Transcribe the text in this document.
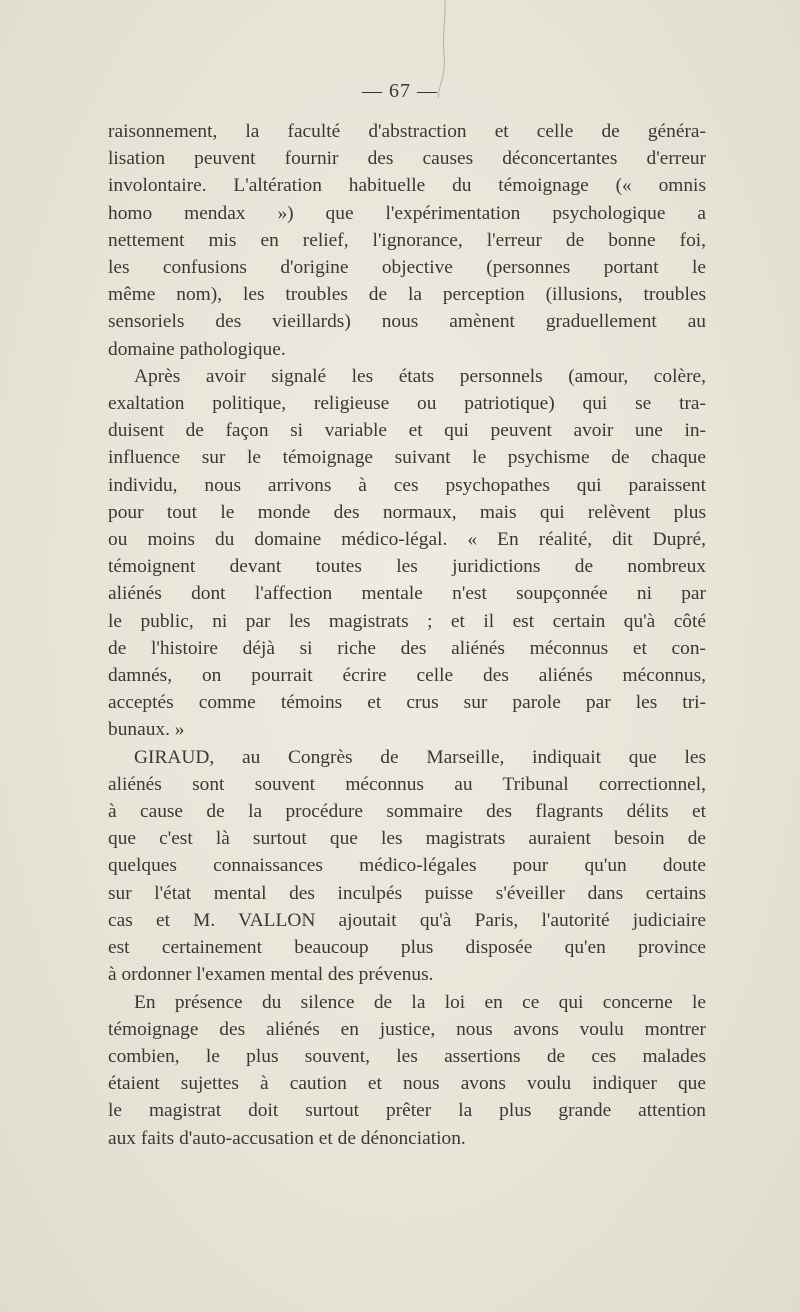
— 67 —
raisonnement, la faculté d'abstraction et celle de généra-
lisation peuvent fournir des causes déconcertantes d'erreur
involontaire. L'altération habituelle du témoignage (« omnis
homo mendax ») que l'expérimentation psychologique a
nettement mis en relief, l'ignorance, l'erreur de bonne foi,
les confusions d'origine objective (personnes portant le
même nom), les troubles de la perception (illusions, troubles
sensoriels des vieillards) nous amènent graduellement au
domaine pathologique.
Après avoir signalé les états personnels (amour, colère,
exaltation politique, religieuse ou patriotique) qui se tra-
duisent de façon si variable et qui peuvent avoir une in-
influence sur le témoignage suivant le psychisme de chaque
individu, nous arrivons à ces psychopathes qui paraissent
pour tout le monde des normaux, mais qui relèvent plus
ou moins du domaine médico-légal. « En réalité, dit Dupré,
témoignent devant toutes les juridictions de nombreux
aliénés dont l'affection mentale n'est soupçonnée ni par
le public, ni par les magistrats ; et il est certain qu'à côté
de l'histoire déjà si riche des aliénés méconnus et con-
damnés, on pourrait écrire celle des aliénés méconnus,
acceptés comme témoins et crus sur parole par les tri-
bunaux. »
GIRAUD, au Congrès de Marseille, indiquait que les
aliénés sont souvent méconnus au Tribunal correctionnel,
à cause de la procédure sommaire des flagrants délits et
que c'est là surtout que les magistrats auraient besoin de
quelques connaissances médico-légales pour qu'un doute
sur l'état mental des inculpés puisse s'éveiller dans certains
cas et M. VALLON ajoutait qu'à Paris, l'autorité judiciaire
est certainement beaucoup plus disposée qu'en province
à ordonner l'examen mental des prévenus.
En présence du silence de la loi en ce qui concerne le
témoignage des aliénés en justice, nous avons voulu montrer
combien, le plus souvent, les assertions de ces malades
étaient sujettes à caution et nous avons voulu indiquer que
le magistrat doit surtout prêter la plus grande attention
aux faits d'auto-accusation et de dénonciation.
